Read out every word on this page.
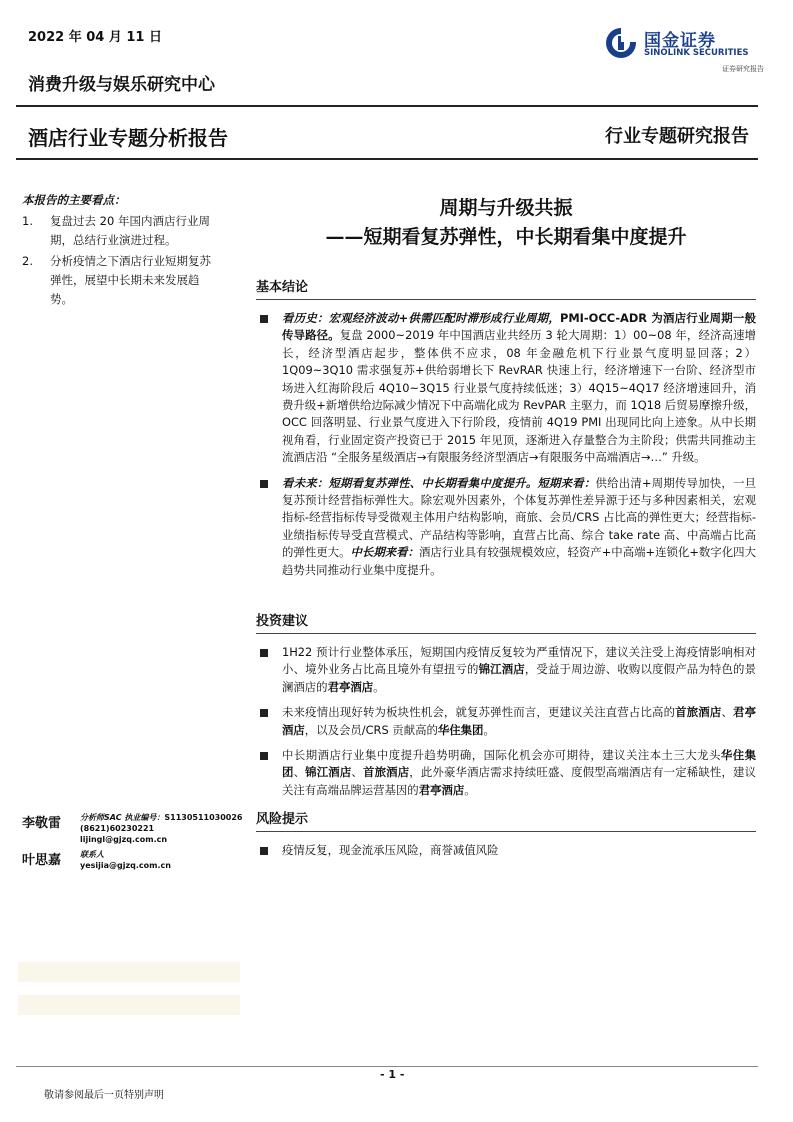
2022 年 04 月 11 日
消费升级与娱乐研究中心
国金证券
SINOLINK SECURITIES
证券研究报告
酒店行业专题分析报告	行业专题研究报告
本报告的主要看点：
1.	复盘过去 20 年国内酒店行业周期，总结行业演进过程。
2.	分析疫情之下酒店行业短期复苏弹性，展望中长期未来发展趋势。
李敬雷	分析师SAC 执业编号：S1130511030026
(8621)60230221
lijingl@gjzq.com.cn
叶思嘉	联系人
yesijia@gjzq.com.cn
周期与升级共振
——短期看复苏弹性，中长期看集中度提升
基本结论
看历史：宏观经济波动+供需匹配时滞形成行业周期，PMI-OCC-ADR 为酒店行业周期一般传导路径。复盘 2000~2019 年中国酒店业共经历 3 轮大周期：1）00~08 年，经济高速增长，经济型酒店起步，整体供不应求，08 年金融危机下行业景气度明显回落；2）1Q09~3Q10 需求强复苏+供给弱增长下 RevRAR 快速上行，经济增速下一台阶、经济型市场进入红海阶段后 4Q10~3Q15 行业景气度持续低迷；3）4Q15~4Q17 经济增速回升，消费升级+新增供给边际减少情况下中高端化成为 RevPAR 主驱力，而 1Q18 后贸易摩擦升级，OCC 回落明显、行业景气度进入下行阶段，疫情前 4Q19 PMI 出现同比向上迹象。从中长期视角看，行业固定资产投资已于 2015 年见顶，逐渐进入存量整合为主阶段；供需共同推动主流酒店沿 “全服务星级酒店→有限服务经济型酒店→有限服务中高端酒店→…” 升级。
看未来：短期看复苏弹性、中长期看集中度提升。短期来看：供给出清+周期传导加快，一旦复苏预计经营指标弹性大。除宏观外因素外，个体复苏弹性差异源于还与多种因素相关，宏观指标-经营指标传导受微观主体用户结构影响，商旅、会员/CRS 占比高的弹性更大；经营指标-业绩指标传导受直营模式、产品结构等影响，直营占比高、综合 take rate 高、中高端占比高的弹性更大。中长期来看：酒店行业具有较强规模效应，轻资产+中高端+连锁化+数字化四大趋势共同推动行业集中度提升。
投资建议
1H22 预计行业整体承压，短期国内疫情反复较为严重情况下，建议关注受上海疫情影响相对小、境外业务占比高且境外有望扭亏的锦江酒店，受益于周边游、收购以度假产品为特色的景澜酒店的君亭酒店。
未来疫情出现好转为板块性机会，就复苏弹性而言，更建议关注直营占比高的首旅酒店、君亭酒店，以及会员/CRS 贡献高的华住集团。
中长期酒店行业集中度提升趋势明确，国际化机会亦可期待，建议关注本土三大龙头华住集团、锦江酒店、首旅酒店，此外豪华酒店需求持续旺盛、度假型高端酒店有一定稀缺性，建议关注有高端品牌运营基因的君亭酒店。
风险提示
疫情反复，现金流承压风险，商誉减值风险
- 1 -
敬请参阅最后一页特别声明
